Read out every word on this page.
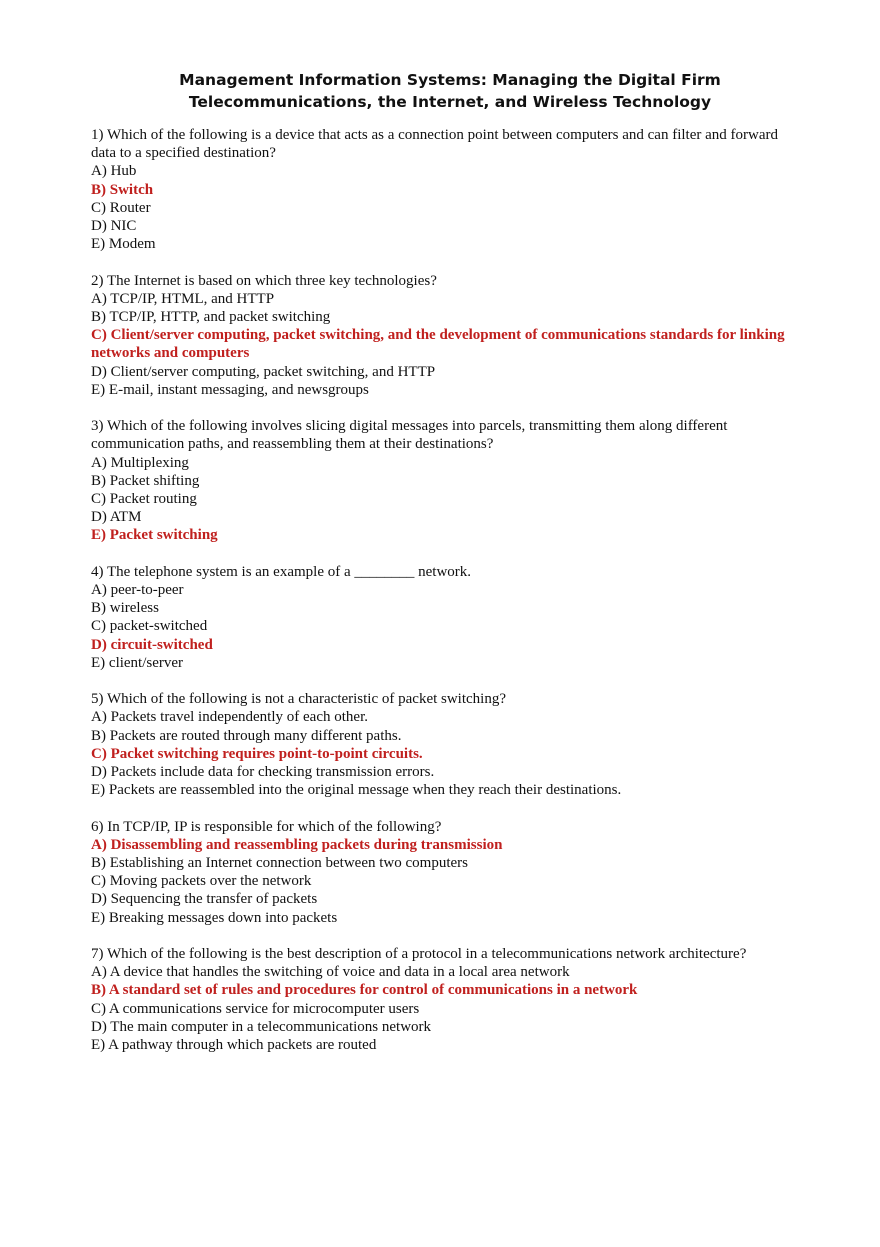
Management Information Systems: Managing the Digital Firm
Telecommunications, the Internet, and Wireless Technology
1) Which of the following is a device that acts as a connection point between computers and can filter and forward data to a specified destination?
A) Hub
B) Switch
C) Router
D) NIC
E) Modem
2) The Internet is based on which three key technologies?
A) TCP/IP, HTML, and HTTP
B) TCP/IP, HTTP, and packet switching
C) Client/server computing, packet switching, and the development of communications standards for linking networks and computers
D) Client/server computing, packet switching, and HTTP
E) E-mail, instant messaging, and newsgroups
3) Which of the following involves slicing digital messages into parcels, transmitting them along different communication paths, and reassembling them at their destinations?
A) Multiplexing
B) Packet shifting
C) Packet routing
D) ATM
E) Packet switching
4) The telephone system is an example of a ________ network.
A) peer-to-peer
B) wireless
C) packet-switched
D) circuit-switched
E) client/server
5) Which of the following is not a characteristic of packet switching?
A) Packets travel independently of each other.
B) Packets are routed through many different paths.
C) Packet switching requires point-to-point circuits.
D) Packets include data for checking transmission errors.
E) Packets are reassembled into the original message when they reach their destinations.
6) In TCP/IP, IP is responsible for which of the following?
A) Disassembling and reassembling packets during transmission
B) Establishing an Internet connection between two computers
C) Moving packets over the network
D) Sequencing the transfer of packets
E) Breaking messages down into packets
7) Which of the following is the best description of a protocol in a telecommunications network architecture?
A) A device that handles the switching of voice and data in a local area network
B) A standard set of rules and procedures for control of communications in a network
C) A communications service for microcomputer users
D) The main computer in a telecommunications network
E) A pathway through which packets are routed
